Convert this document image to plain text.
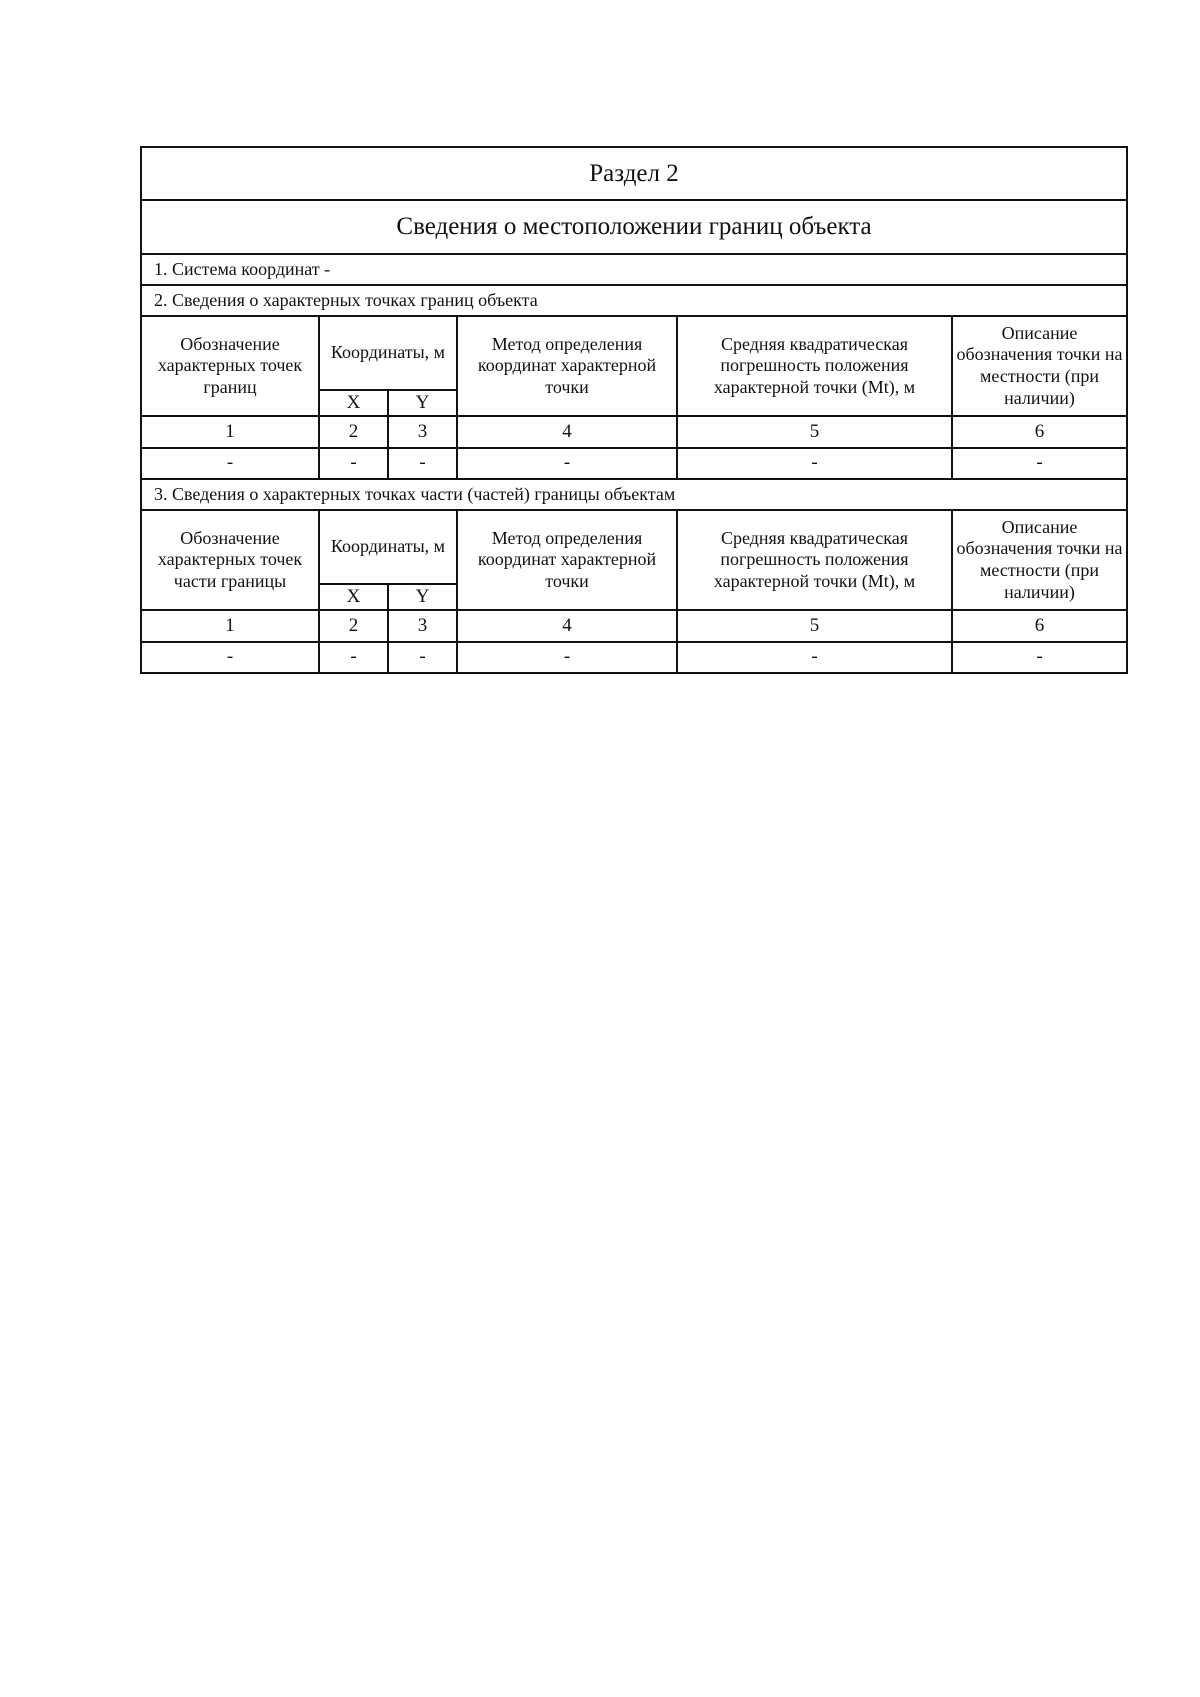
Раздел 2					
Сведения о местоположении границ объекта					
1. Система координат -					
2. Сведения о характерных точках границ объекта					
Обозначение характерных точек границ	Координаты, м		Метод определения координат характерной точки	Средняя квадратическая погрешность положения характерной точки (Mt), м	Описание обозначения точки на местности (при наличии)
	X	Y			
1	2	3	4	5	6
-	-	-	-	-	-
3. Сведения о характерных точках части (частей) границы объектам					
Обозначение характерных точек части границы	Координаты, м		Метод определения координат характерной точки	Средняя квадратическая погрешность положения характерной точки (Mt), м	Описание обозначения точки на местности (при наличии)
	X	Y			
1	2	3	4	5	6
-	-	-	-	-	-
